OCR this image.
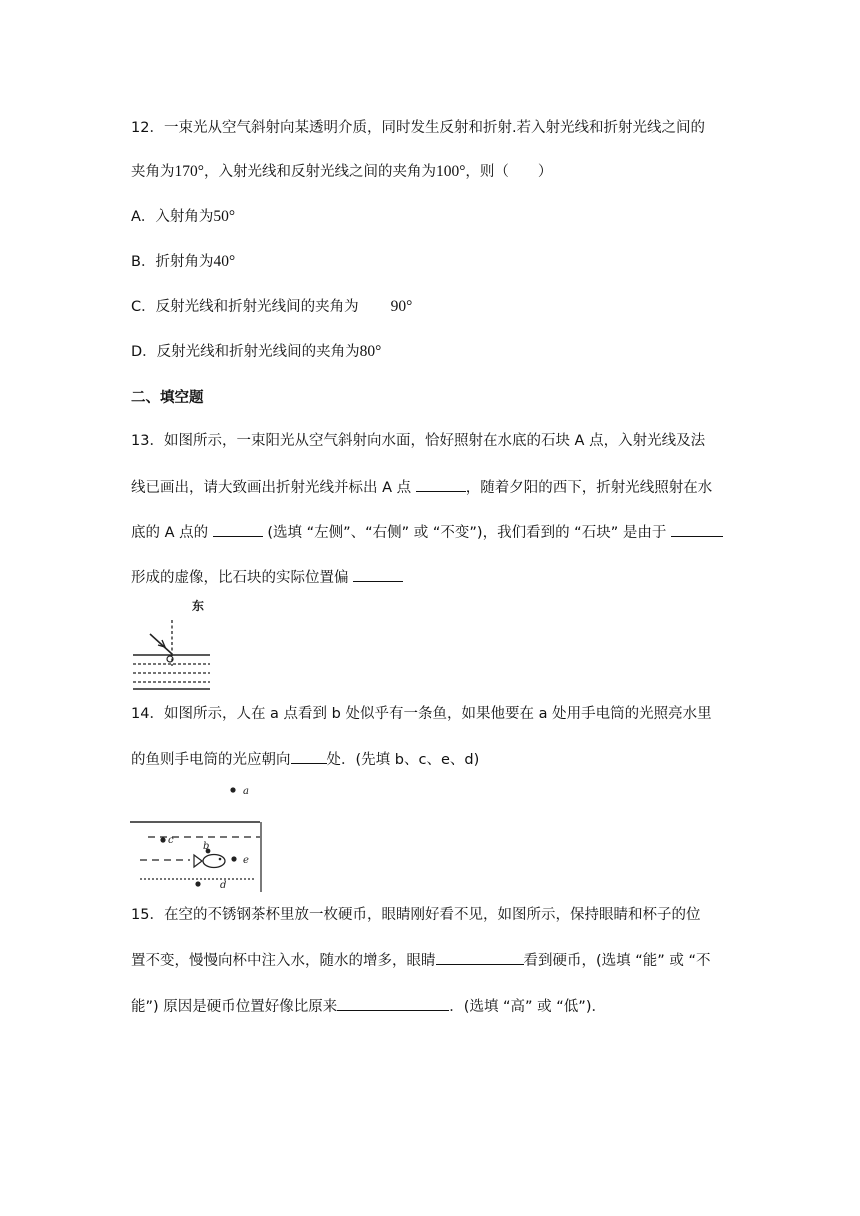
12．一束光从空气斜射向某透明介质，同时发生反射和折射.若入射光线和折射光线之间的
夹角为170°，入射光线和反射光线之间的夹角为100°，则（　　）
A．入射角为50°
B．折射角为40°
C．反射光线和折射光线间的夹角为 90°
D．反射光线和折射光线间的夹角为80°
二、填空题
13．如图所示，一束阳光从空气斜射向水面，恰好照射在水底的石块 A 点，入射光线及法
线已画出，请大致画出折射光线并标出 A 点	，随着夕阳的西下，折射光线照射在水
底的 A 点的	(选填 “左侧”、“右侧” 或 “不变”)，我们看到的 “石块” 是由于
形成的虚像，比石块的实际位置偏
东
14．如图所示，人在 a 点看到 b 处似乎有一条鱼，如果他要在 a 处用手电筒的光照亮水里
的鱼则手电筒的光应朝向 处．(先填 b、c、e、d)
a
c
b
e
d
15．在空的不锈钢茶杯里放一枚硬币，眼睛刚好看不见，如图所示，保持眼睛和杯子的位
置不变，慢慢向杯中注入水，随水的增多，眼睛	看到硬币，(选填 “能” 或 “不
能”) 原因是硬币位置好像比原来	．(选填 “高” 或 “低”)．
